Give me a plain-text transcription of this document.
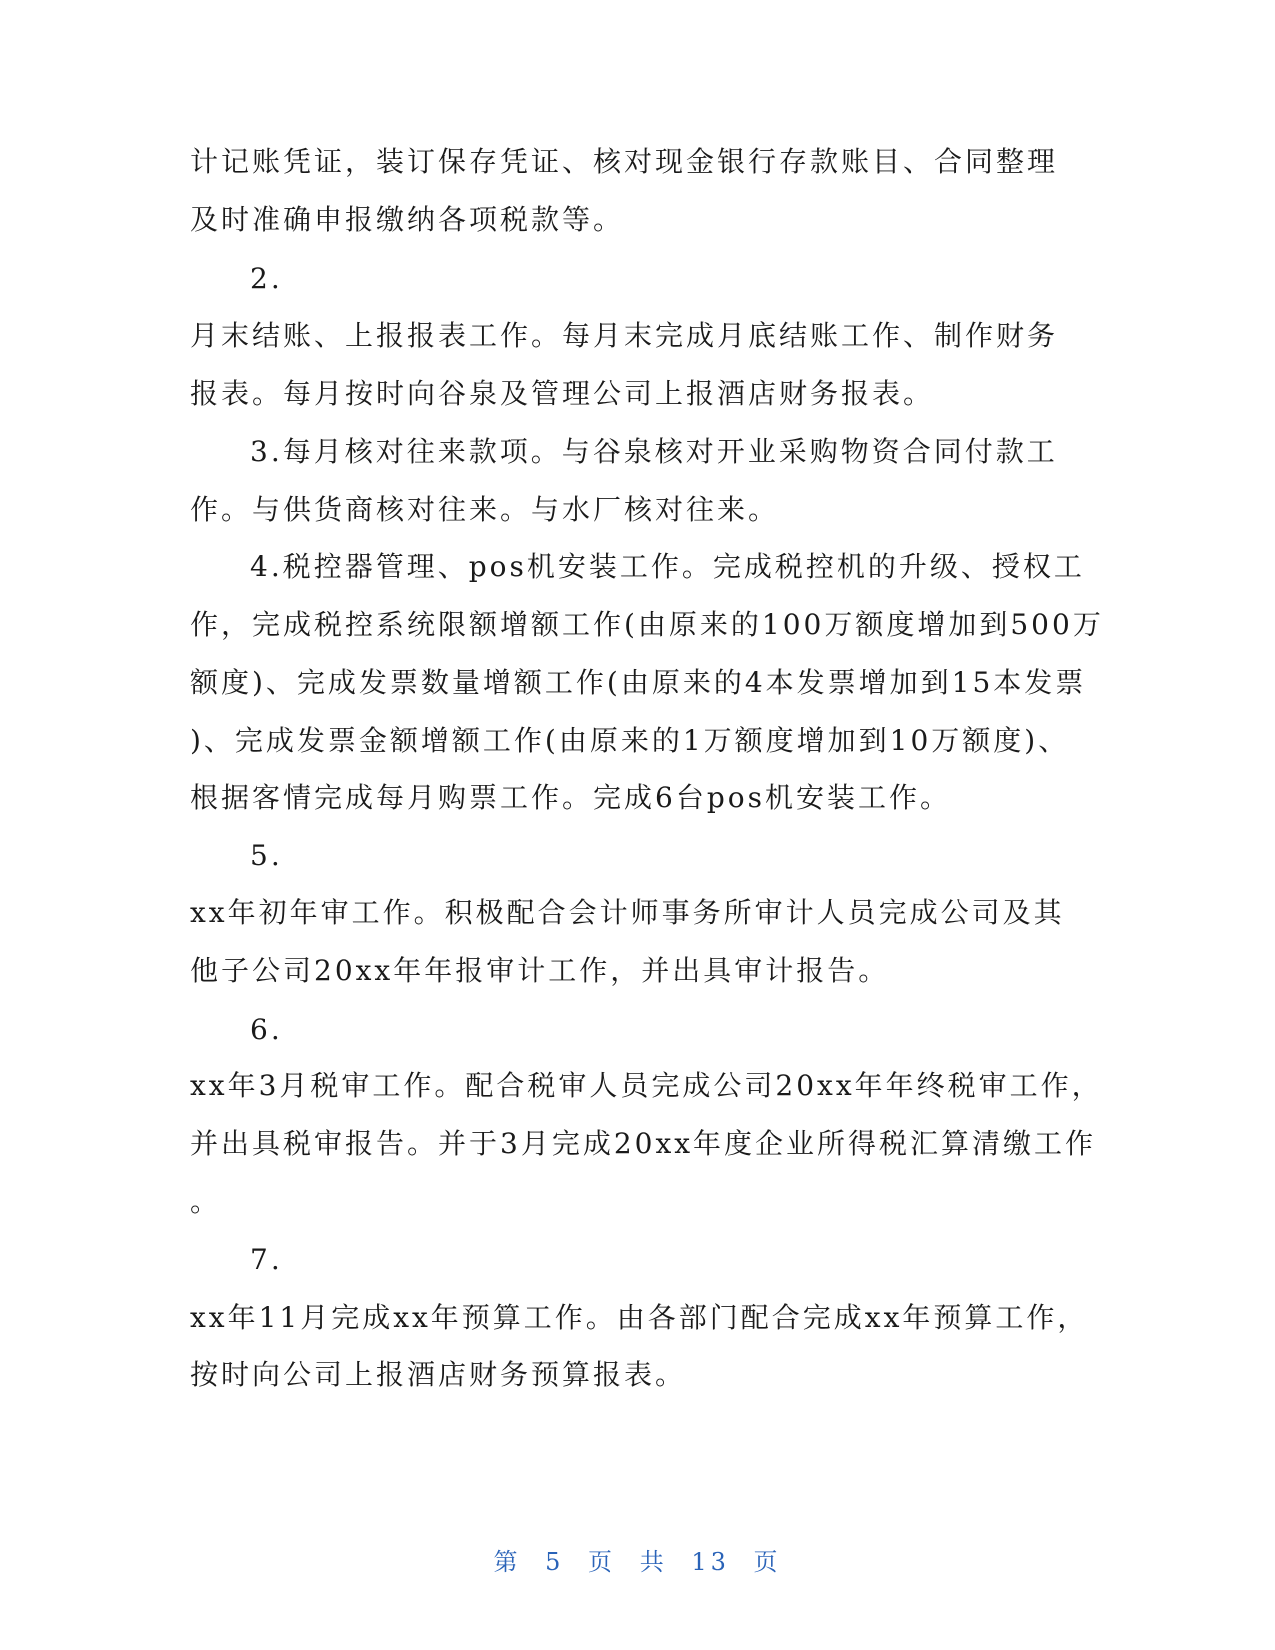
计记账凭证，装订保存凭证、核对现金银行存款账目、合同整理
及时准确申报缴纳各项税款等。
2.
月末结账、上报报表工作。每月末完成月底结账工作、制作财务
报表。每月按时向谷泉及管理公司上报酒店财务报表。
3.每月核对往来款项。与谷泉核对开业采购物资合同付款工
作。与供货商核对往来。与水厂核对往来。
4.税控器管理、pos机安装工作。完成税控机的升级、授权工
作，完成税控系统限额增额工作(由原来的100万额度增加到500万
额度)、完成发票数量增额工作(由原来的4本发票增加到15本发票
)、完成发票金额增额工作(由原来的1万额度增加到10万额度)、
根据客情完成每月购票工作。完成6台pos机安装工作。
5.
xx年初年审工作。积极配合会计师事务所审计人员完成公司及其
他子公司20xx年年报审计工作，并出具审计报告。
6.
xx年3月税审工作。配合税审人员完成公司20xx年年终税审工作，
并出具税审报告。并于3月完成20xx年度企业所得税汇算清缴工作
。
7.
xx年11月完成xx年预算工作。由各部门配合完成xx年预算工作，
按时向公司上报酒店财务预算报表。
第 5 页 共 13 页
